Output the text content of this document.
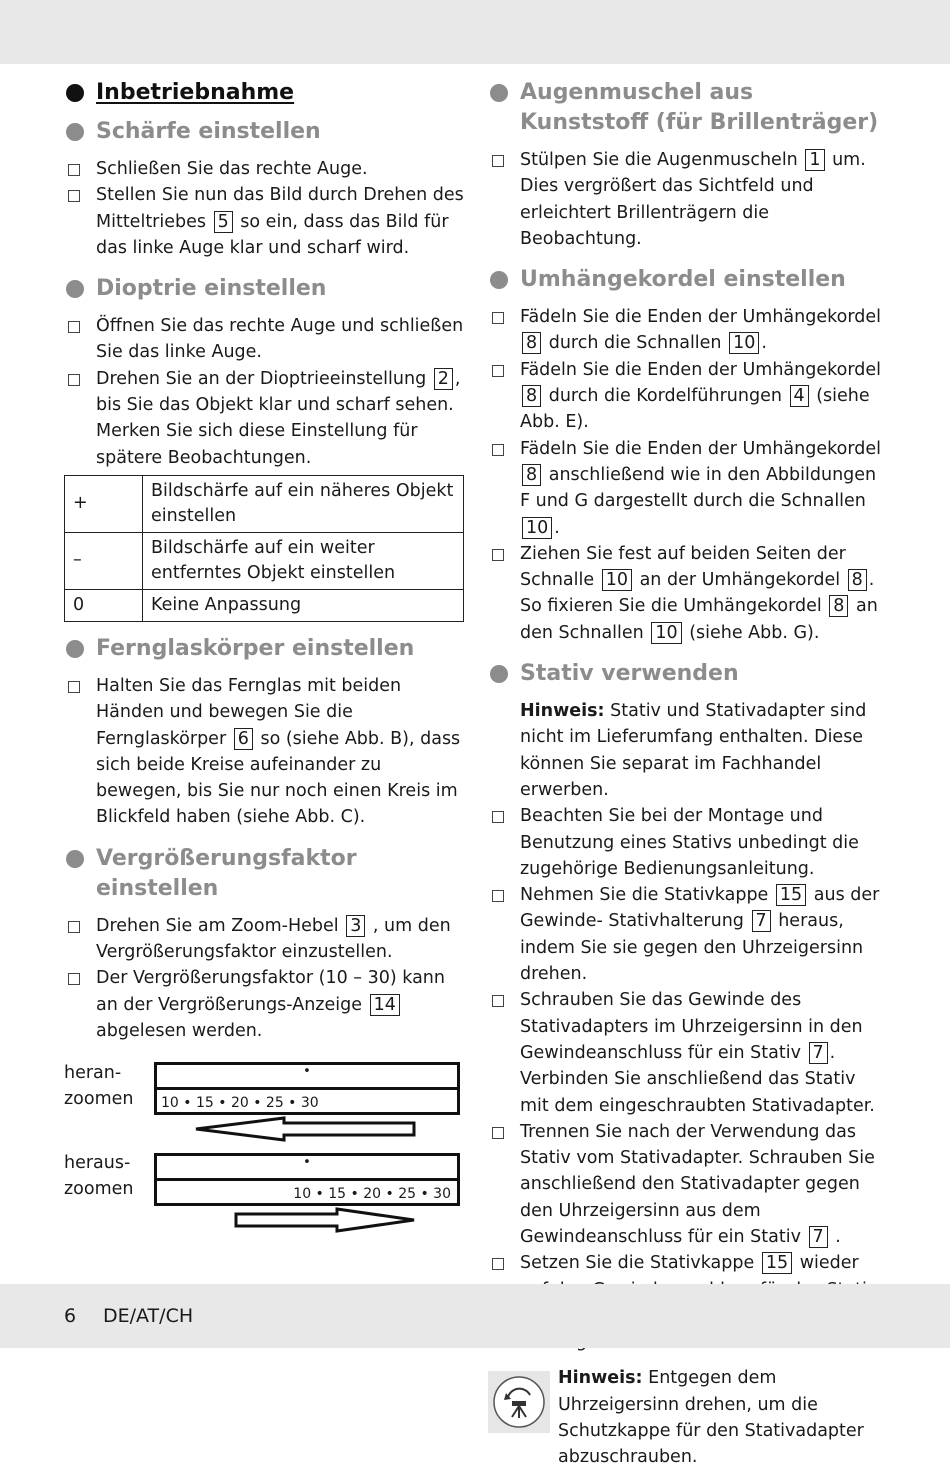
Inbetriebnahme
Schärfe einstellen
Schließen Sie das rechte Auge.
Stellen Sie nun das Bild durch Drehen des Mitteltriebes 5 so ein, dass das Bild für das linke Auge klar und scharf wird.
Dioptrie einstellen
Öffnen Sie das rechte Auge und schließen Sie das linke Auge.
Drehen Sie an der Dioptrieeinstellung 2 , bis Sie das Objekt klar und scharf sehen. Merken Sie sich diese Einstellung für spätere Beobachtungen.
+	Bildschärfe auf ein näheres Objekt einstellen
–	Bildschärfe auf ein weiter entferntes Objekt einstellen
0	Keine Anpassung
Fernglaskörper einstellen
Halten Sie das Fernglas mit beiden Händen und bewegen Sie die Fernglaskörper 6 so (siehe Abb. B), dass sich beide Kreise aufeinander zu bewegen, bis Sie nur noch einen Kreis im Blickfeld haben (siehe Abb. C).
Vergrößerungsfaktor einstellen
Drehen Sie am Zoom-Hebel 3 , um den Vergrößerungsfaktor einzustellen.
Der Vergrößerungsfaktor (10 – 30) kann an der Vergrößerungs-Anzeige 14 abgelesen werden.
heran-
zoomen
•
10 • 15 • 20 • 25 • 30
heraus-
zoomen
•
10 • 15 • 20 • 25 • 30
Augenmuschel aus Kunststoff (für Brillenträger)
Stülpen Sie die Augenmuscheln 1 um.
Dies vergrößert das Sichtfeld und erleichtert Brillenträgern die Beobachtung.
Umhängekordel einstellen
Fädeln Sie die Enden der Umhängekordel 8 durch die Schnallen 10 .
Fädeln Sie die Enden der Umhängekordel 8 durch die Kordelführungen 4 (siehe Abb. E).
Fädeln Sie die Enden der Umhängekordel 8 anschließend wie in den Abbildungen F und G dargestellt durch die Schnallen 10 .
Ziehen Sie fest auf beiden Seiten der Schnalle 10 an der Umhängekordel 8 . So fixieren Sie die Umhängekordel 8 an den Schnallen 10 (siehe Abb. G).
Stativ verwenden
Hinweis: Stativ und Stativadapter sind nicht im Lieferumfang enthalten. Diese können Sie separat im Fachhandel erwerben.
Beachten Sie bei der Montage und Benutzung eines Stativs unbedingt die zugehörige Bedienungsanleitung.
Nehmen Sie die Stativkappe 15 aus der Gewinde- Stativhalterung 7 heraus, indem Sie sie gegen den Uhrzeigersinn drehen.
Schrauben Sie das Gewinde des Stativadapters im Uhrzeigersinn in den Gewindeanschluss für ein Stativ 7 .
Verbinden Sie anschließend das Stativ mit dem eingeschraubten Stativadapter.
Trennen Sie nach der Verwendung das Stativ vom Stativadapter. Schrauben Sie anschließend den Stativadapter gegen den Uhrzeigersinn aus dem Gewindeanschluss für ein Stativ 7 .
Setzen Sie die Stativkappe 15 wieder
Hinweis: Entgegen dem Uhrzeigersinn drehen, um die Schutzkappe für den Stativadapter abzuschrauben.
6 DE/AT/CH
